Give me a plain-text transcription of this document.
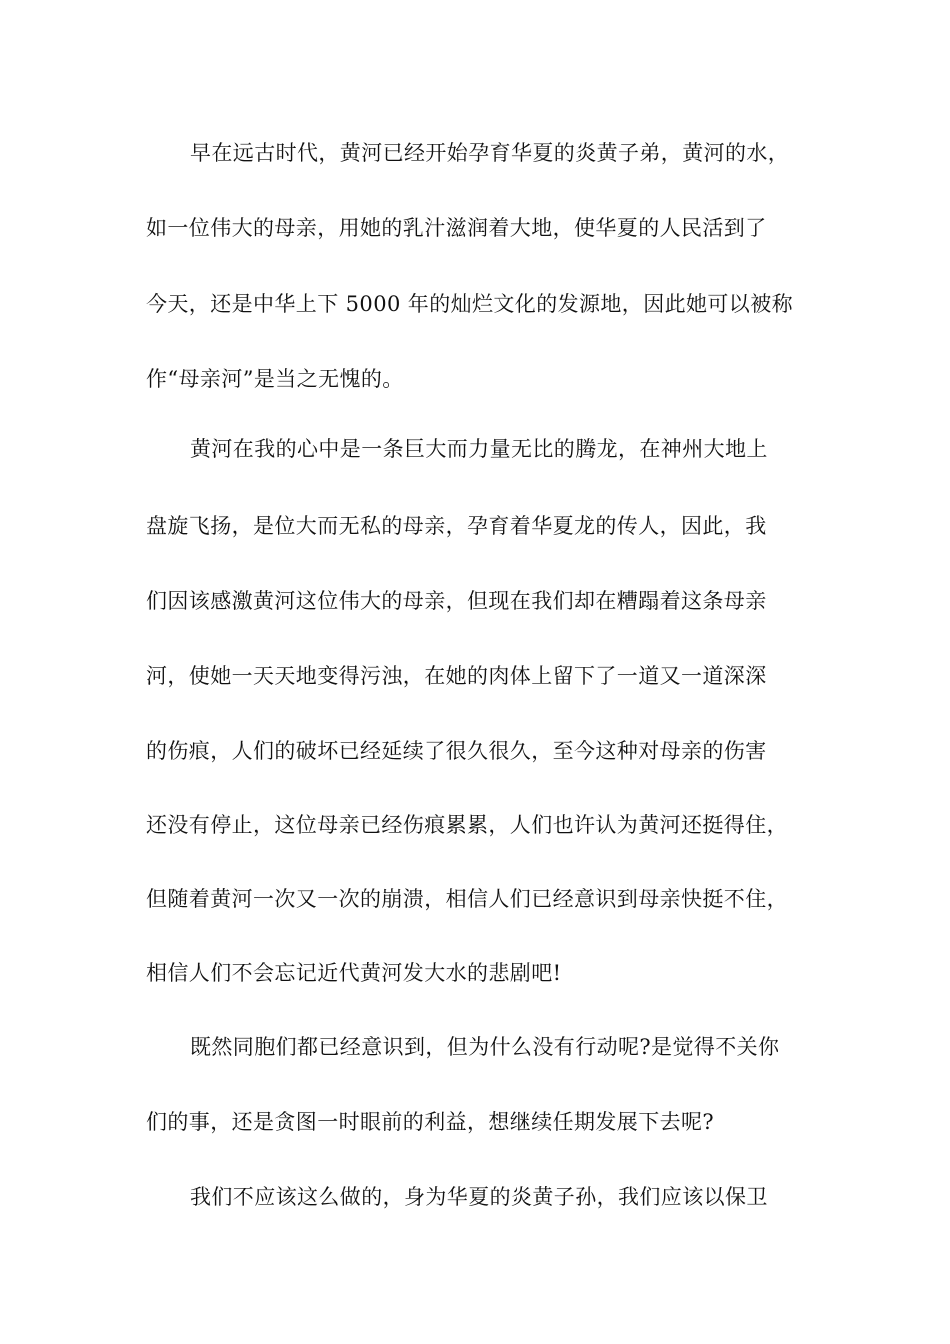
早在远古时代，黄河已经开始孕育华夏的炎黄子弟，黄河的水，

如一位伟大的母亲，用她的乳汁滋润着大地，使华夏的人民活到了

今天，还是中华上下 5000 年的灿烂文化的发源地，因此她可以被称

作“母亲河”是当之无愧的。

黄河在我的心中是一条巨大而力量无比的腾龙，在神州大地上

盘旋飞扬，是位大而无私的母亲，孕育着华夏龙的传人，因此，我

们因该感激黄河这位伟大的母亲，但现在我们却在糟蹋着这条母亲

河，使她一天天地变得污浊，在她的肉体上留下了一道又一道深深

的伤痕，人们的破坏已经延续了很久很久，至今这种对母亲的伤害

还没有停止，这位母亲已经伤痕累累，人们也许认为黄河还挺得住，

但随着黄河一次又一次的崩溃，相信人们已经意识到母亲快挺不住，

相信人们不会忘记近代黄河发大水的悲剧吧!

既然同胞们都已经意识到，但为什么没有行动呢?是觉得不关你

们的事，还是贪图一时眼前的利益，想继续任期发展下去呢?

我们不应该这么做的，身为华夏的炎黄子孙，我们应该以保卫
